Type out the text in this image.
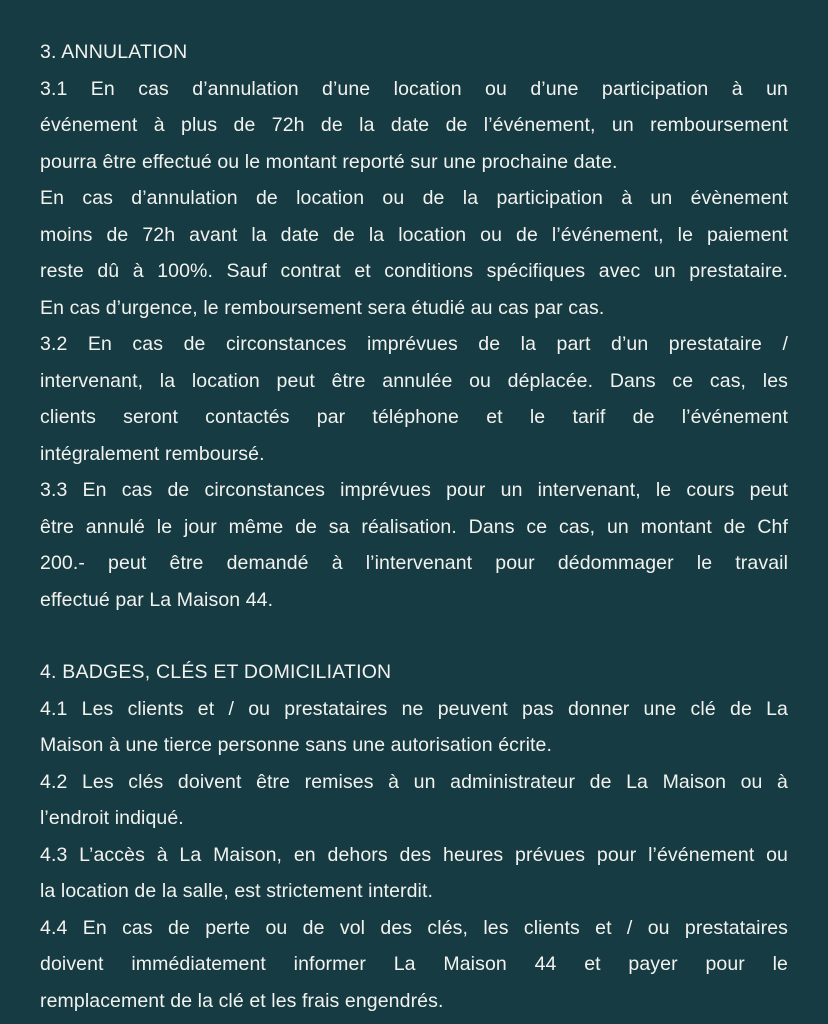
3. ANNULATION
3.1 En cas d’annulation d’une location ou d’une participation à un
événement à plus de 72h de la date de l’événement, un remboursement
pourra être effectué ou le montant reporté sur une prochaine date.
En cas d’annulation de location ou de la participation à un évènement
moins de 72h avant la date de la location ou de l’événement, le paiement
reste dû à 100%. Sauf contrat et conditions spécifiques avec un prestataire.
En cas d’urgence, le remboursement sera étudié au cas par cas.
3.2 En cas de circonstances imprévues de la part d’un prestataire /
intervenant, la location peut être annulée ou déplacée. Dans ce cas, les
clients seront contactés par téléphone et le tarif de l’événement
intégralement remboursé.
3.3 En cas de circonstances imprévues pour un intervenant, le cours peut
être annulé le jour même de sa réalisation. Dans ce cas, un montant de Chf
200.- peut être demandé à l’intervenant pour dédommager le travail
effectué par La Maison 44.
4. BADGES, CLÉS ET DOMICILIATION
4.1 Les clients et / ou prestataires ne peuvent pas donner une clé de La
Maison à une tierce personne sans une autorisation écrite.
4.2 Les clés doivent être remises à un administrateur de La Maison ou à
l’endroit indiqué.
4.3 L’accès à La Maison, en dehors des heures prévues pour l’événement ou
la location de la salle, est strictement interdit.
4.4 En cas de perte ou de vol des clés, les clients et / ou prestataires
doivent immédiatement informer La Maison 44 et payer pour le
remplacement de la clé et les frais engendrés.
